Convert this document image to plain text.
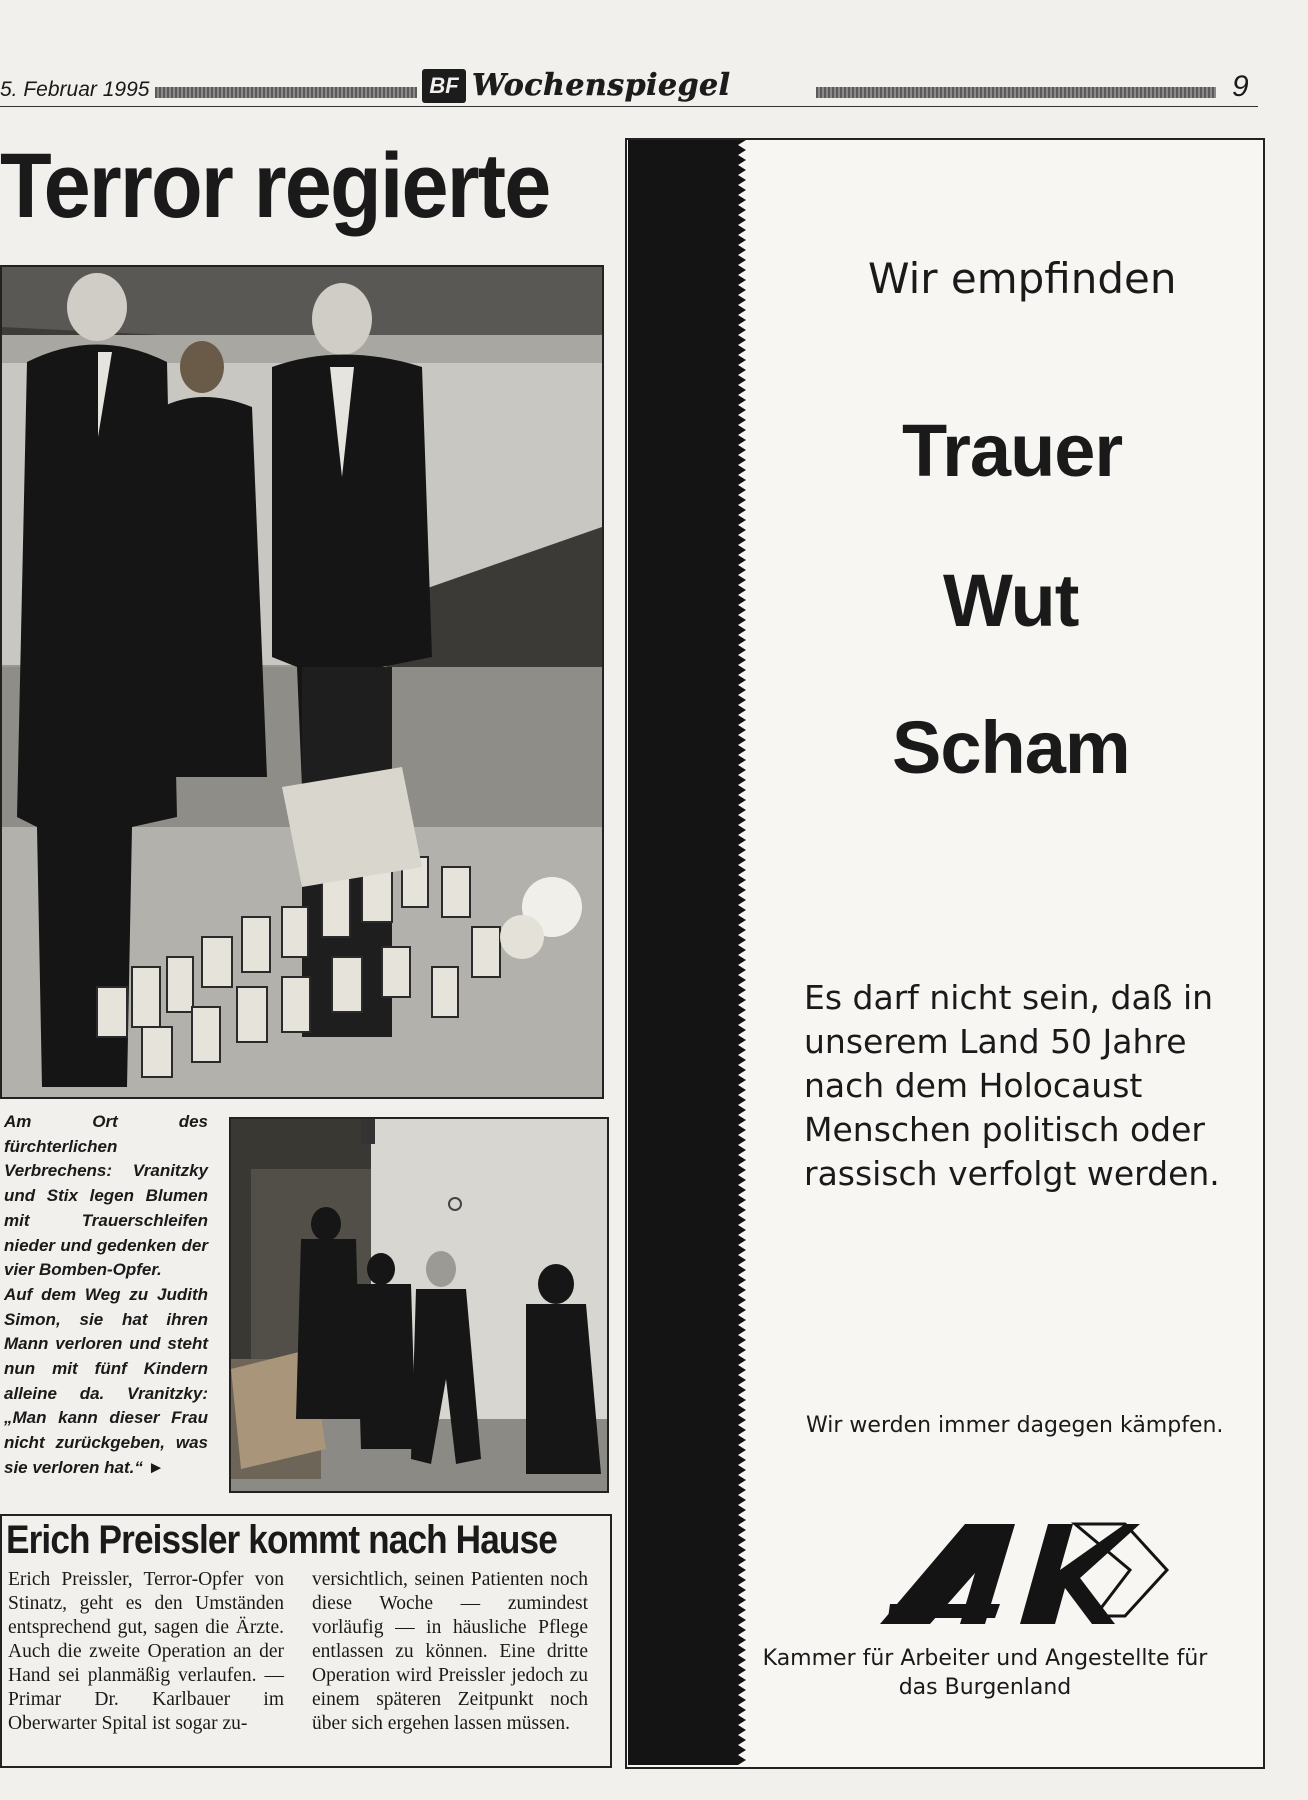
5. Februar 1995	BF Wochenspiegel	9
Terror regierte

Am Ort des fürchterlichen Verbrechens: Vranitzky und Stix legen Blumen mit Trauerschleifen nieder und gedenken der vier Bomben-Opfer.

Auf dem Weg zu Judith Simon, sie hat ihren Mann verloren und steht nun mit fünf Kindern alleine da. Vranitzky: „Man kann dieser Frau nicht zurückgeben, was sie verloren hat.“ ►

Erich Preissler kommt nach Hause
Erich Preissler, Terror-Opfer von Stinatz, geht es den Umständen entsprechend gut, sagen die Ärzte. Auch die zweite Operation an der Hand sei planmäßig verlaufen. — Primar Dr. Karlbauer im Oberwarter Spital ist sogar zu-
versichtlich, seinen Patienten noch diese Woche — zumindest vorläufig — in häusliche Pflege entlassen zu können. Eine dritte Operation wird Preissler jedoch zu einem späteren Zeitpunkt noch über sich ergehen lassen müssen.
Wir empfinden
Trauer
Wut
Scham
Es darf nicht sein, daß in unserem Land 50 Jahre nach dem Holocaust Menschen politisch oder rassisch verfolgt werden.
Wir werden immer dagegen kämpfen.
Kammer für Arbeiter und Angestellte für das Burgenland
